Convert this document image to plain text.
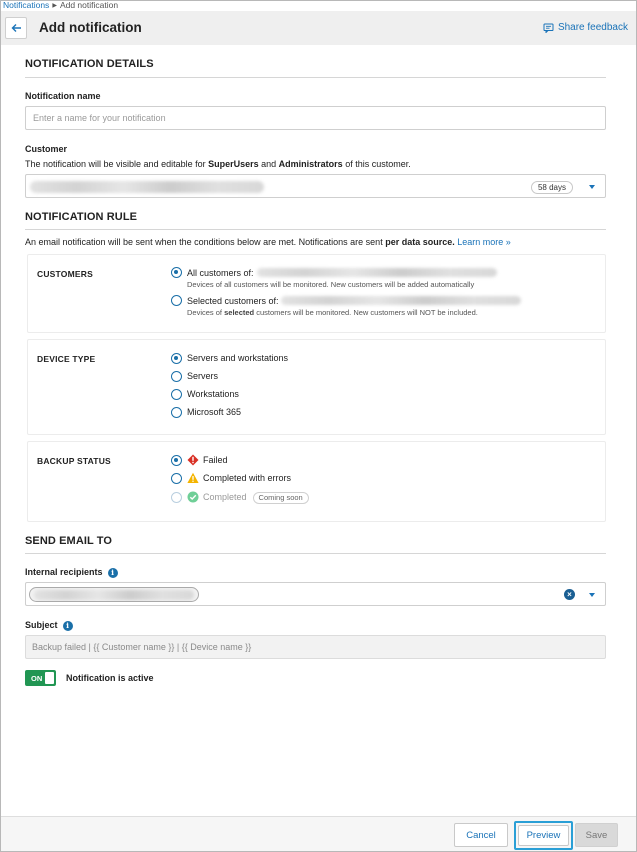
Notifications ▶ Add notification
Add notification	Share feedback
NOTIFICATION DETAILS
Notification name
Enter a name for your notification
Customer
The notification will be visible and editable for SuperUsers and Administrators of this customer.
58 days
NOTIFICATION RULE
An email notification will be sent when the conditions below are met. Notifications are sent per data source. Learn more »
CUSTOMERS	All customers of:
Devices of all customers will be monitored. New customers will be added automatically
Selected customers of:
Devices of selected customers will be monitored. New customers will NOT be included.
DEVICE TYPE	Servers and workstations
Servers
Workstations
Microsoft 365
BACKUP STATUS	Failed
Completed with errors
Completed Coming soon
SEND EMAIL TO
Internal recipients i
×
Subject i
Backup failed | {{ Customer name }} | {{ Device name }}
ON	Notification is active
Cancel	Preview	Save
